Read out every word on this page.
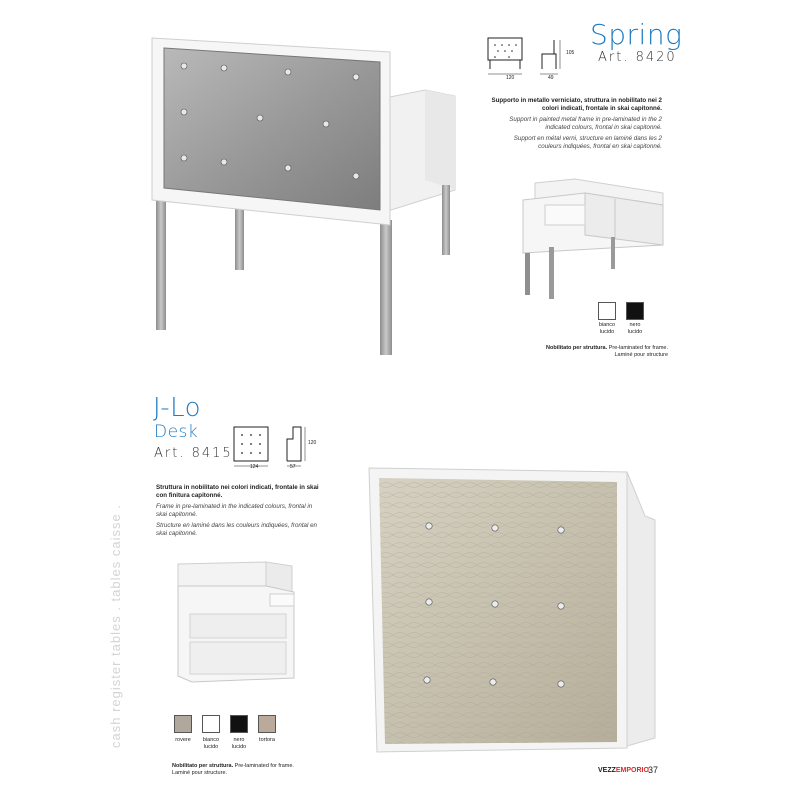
cash register tables . tables caisse .
120
105
49
Spring
Art. 8420
Supporto in metallo verniciato, struttura in nobilitato nei 2 colori indicati, frontale in skai capitonné.
Support in painted metal frame in pre-laminated in the 2 indicated colours, frontal in skai capitonné.
Support en métal verni, structure en laminé dans les 2 couleurs indiquées, frontal en skai capitonné.
bianco
lucido
nero
lucido
Nobilitato per struttura. Pre-laminated for frame.
Laminé pour structure
J-Lo
Desk
Art. 8415
124
120
57
Struttura in nobilitato nei colori indicati, frontale in skai con finitura capitonné.
Frame in pre-laminated in the indicated colours, frontal in skai capitonné.
Structure en laminé dans les couleurs indiquées, frontal en skai capitonné.
rovere	bianco
lucido
nero
lucido
tortora
Nobilitato per struttura. Pre-laminated for frame.
Laminé pour structure.	VEZZEMPORIO 37
